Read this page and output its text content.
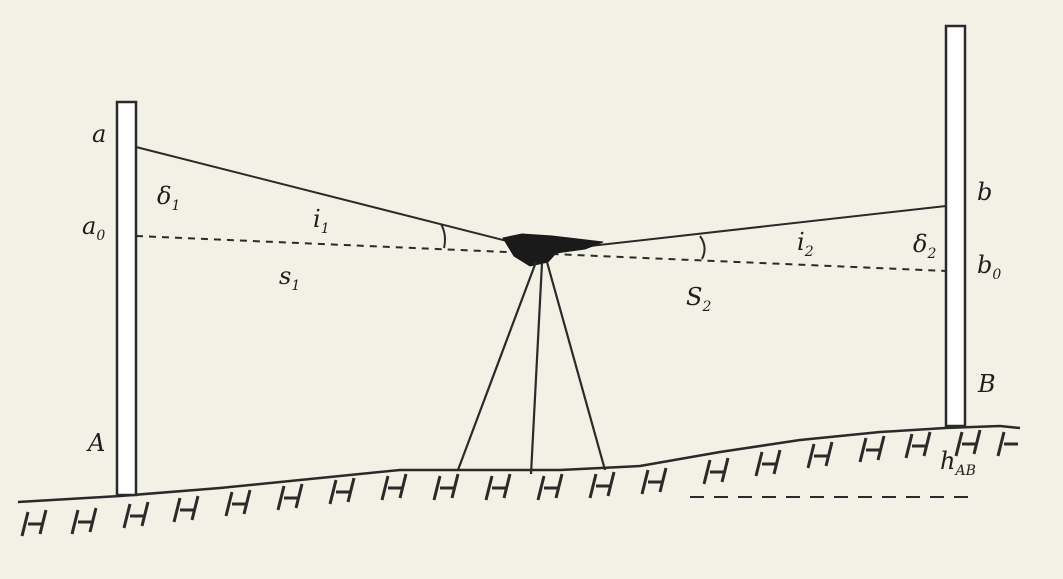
a
$a_0$
$\delta_1$	$i_1$
$s_1$
A
b
$i_2$	$\delta_2$ $b_0$
$S_2$
B
$h_{AB}$
